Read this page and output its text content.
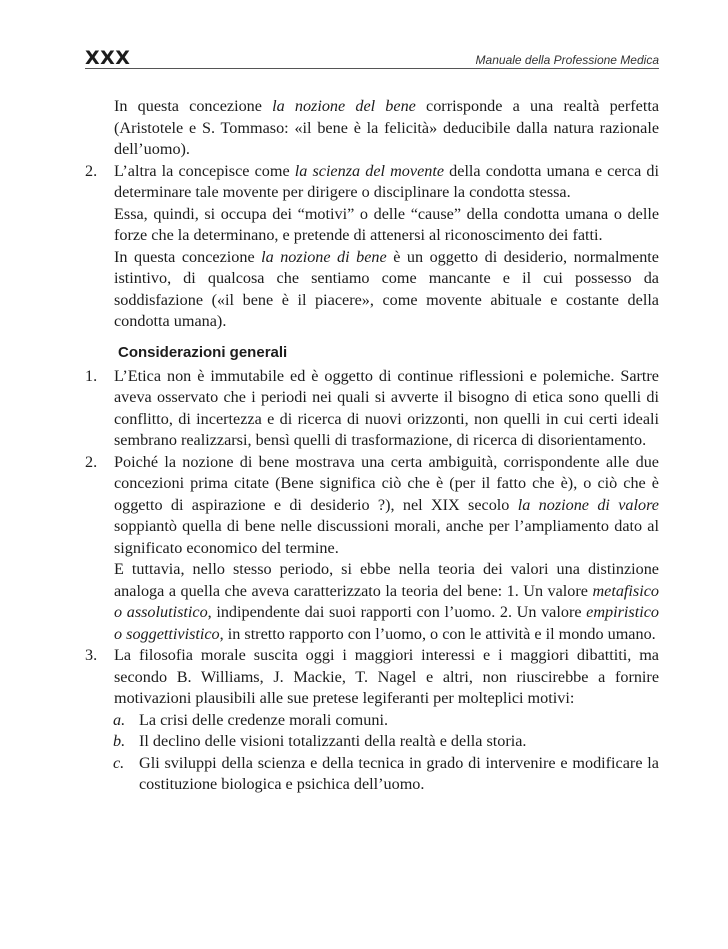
XXX	Manuale della Professione Medica

In questa concezione la nozione del bene corrisponde a una realtà perfetta (Aristotele e S. Tommaso: «il bene è la felicità» deducibile dalla natura razionale dell’uomo).

2. L’altra la concepisce come la scienza del movente della condotta umana e cerca di determinare tale movente per dirigere o disciplinare la condotta stessa.

Essa, quindi, si occupa dei “motivi” o delle “cause” della condotta umana o delle forze che la determinano, e pretende di attenersi al riconoscimento dei fatti.

In questa concezione la nozione di bene è un oggetto di desiderio, normalmente istintivo, di qualcosa che sentiamo come mancante e il cui possesso da soddisfazione («il bene è il piacere», come movente abituale e costante della condotta umana).

Considerazioni generali
1. L’Etica non è immutabile ed è oggetto di continue riflessioni e polemiche. Sartre aveva osservato che i periodi nei quali si avverte il bisogno di etica sono quelli di conflitto, di incertezza e di ricerca di nuovi orizzonti, non quelli in cui certi ideali sembrano realizzarsi, bensì quelli di trasformazione, di ricerca di disorientamento.
2. Poiché la nozione di bene mostrava una certa ambiguità, corrispondente alle due concezioni prima citate (Bene significa ciò che è (per il fatto che è), o ciò che è oggetto di aspirazione e di desiderio ?), nel XIX secolo la nozione di valore soppiantò quella di bene nelle discussioni morali, anche per l’ampliamento dato al significato economico del termine.

E tuttavia, nello stesso periodo, si ebbe nella teoria dei valori una distinzione analoga a quella che aveva caratterizzato la teoria del bene: 1. Un valore metafisico o assolutistico, indipendente dai suoi rapporti con l’uomo. 2. Un valore empiristico o soggettivistico, in stretto rapporto con l’uomo, o con le attività e il mondo umano.

3. La filosofia morale suscita oggi i maggiori interessi e i maggiori dibattiti, ma secondo B. Williams, J. Mackie, T. Nagel e altri, non riuscirebbe a fornire motivazioni plausibili alle sue pretese legiferanti per molteplici motivi:
a. La crisi delle credenze morali comuni.

b. Il declino delle visioni totalizzanti della realtà e della storia.

c. Gli sviluppi della scienza e della tecnica in grado di intervenire e modificare la costituzione biologica e psichica dell’uomo.
